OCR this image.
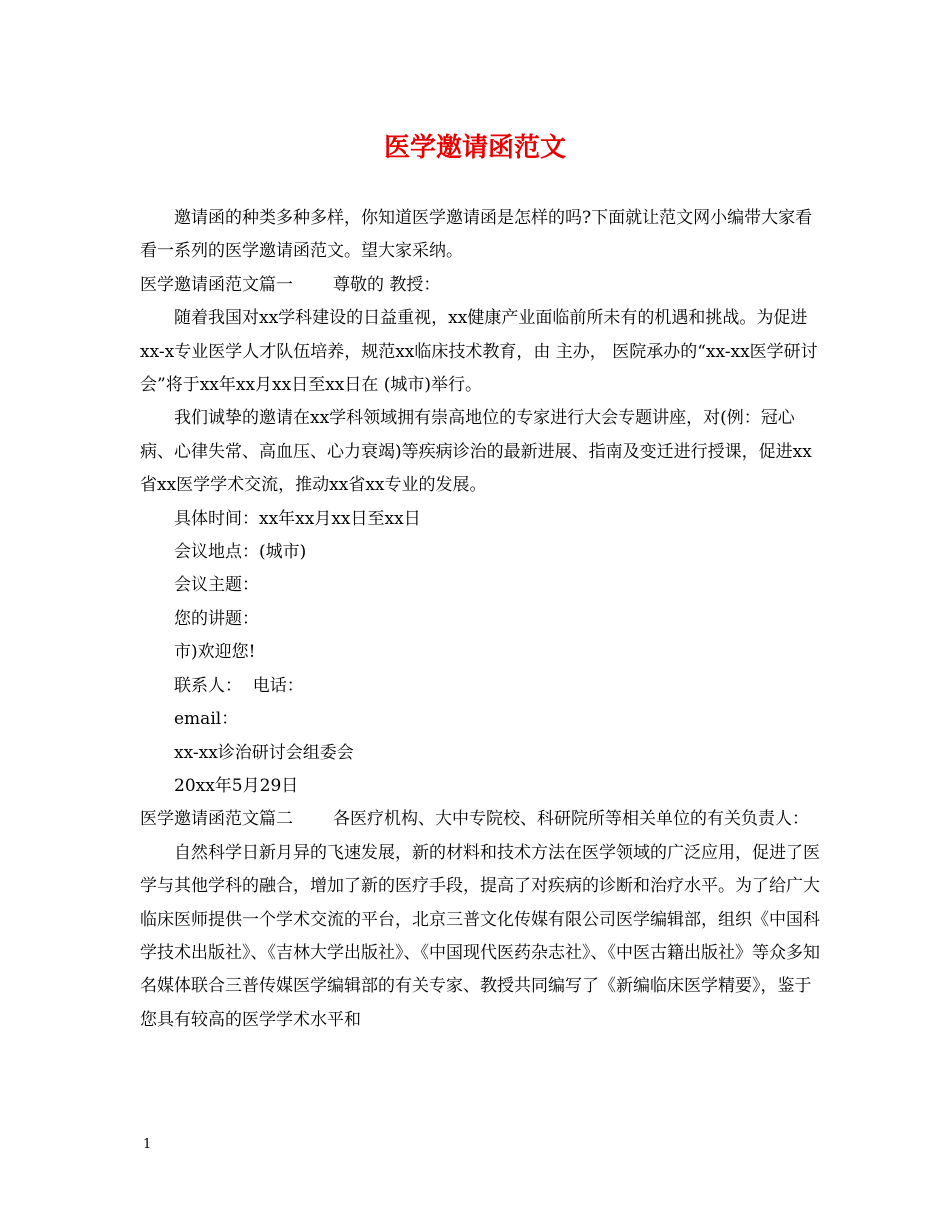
医学邀请函范文

邀请函的种类多种多样，你知道医学邀请函是怎样的吗?下面就让范文网小编带大家看看一系列的医学邀请函范文。望大家采纳。

医学邀请函范文篇一 尊敬的 教授：

随着我国对xx学科建设的日益重视，xx健康产业面临前所未有的机遇和挑战。为促进xx-x专业医学人才队伍培养，规范xx临床技术教育，由 主办， 医院承办的“xx-xx医学研讨会”将于xx年xx月xx日至xx日在 (城市)举行。

我们诚挚的邀请在xx学科领域拥有崇高地位的专家进行大会专题讲座，对(例：冠心病、心律失常、高血压、心力衰竭)等疾病诊治的最新进展、指南及变迁进行授课，促进xx省xx医学学术交流，推动xx省xx专业的发展。

具体时间：xx年xx月xx日至xx日

会议地点：(城市)

会议主题：

您的讲题：

市)欢迎您!

联系人：  电话：

email：

xx-xx诊治研讨会组委会

20xx年5月29日

医学邀请函范文篇二 各医疗机构、大中专院校、科研院所等相关单位的有关负责人：

自然科学日新月异的飞速发展，新的材料和技术方法在医学领域的广泛应用，促进了医学与其他学科的融合，增加了新的医疗手段，提高了对疾病的诊断和治疗水平。为了给广大临床医师提供一个学术交流的平台，北京三普文化传媒有限公司医学编辑部，组织《中国科学技术出版社》、《吉林大学出版社》、《中国现代医药杂志社》、《中医古籍出版社》等众多知名媒体联合三普传媒医学编辑部的有关专家、教授共同编写了《新编临床医学精要》，鉴于您具有较高的医学学术水平和

1
